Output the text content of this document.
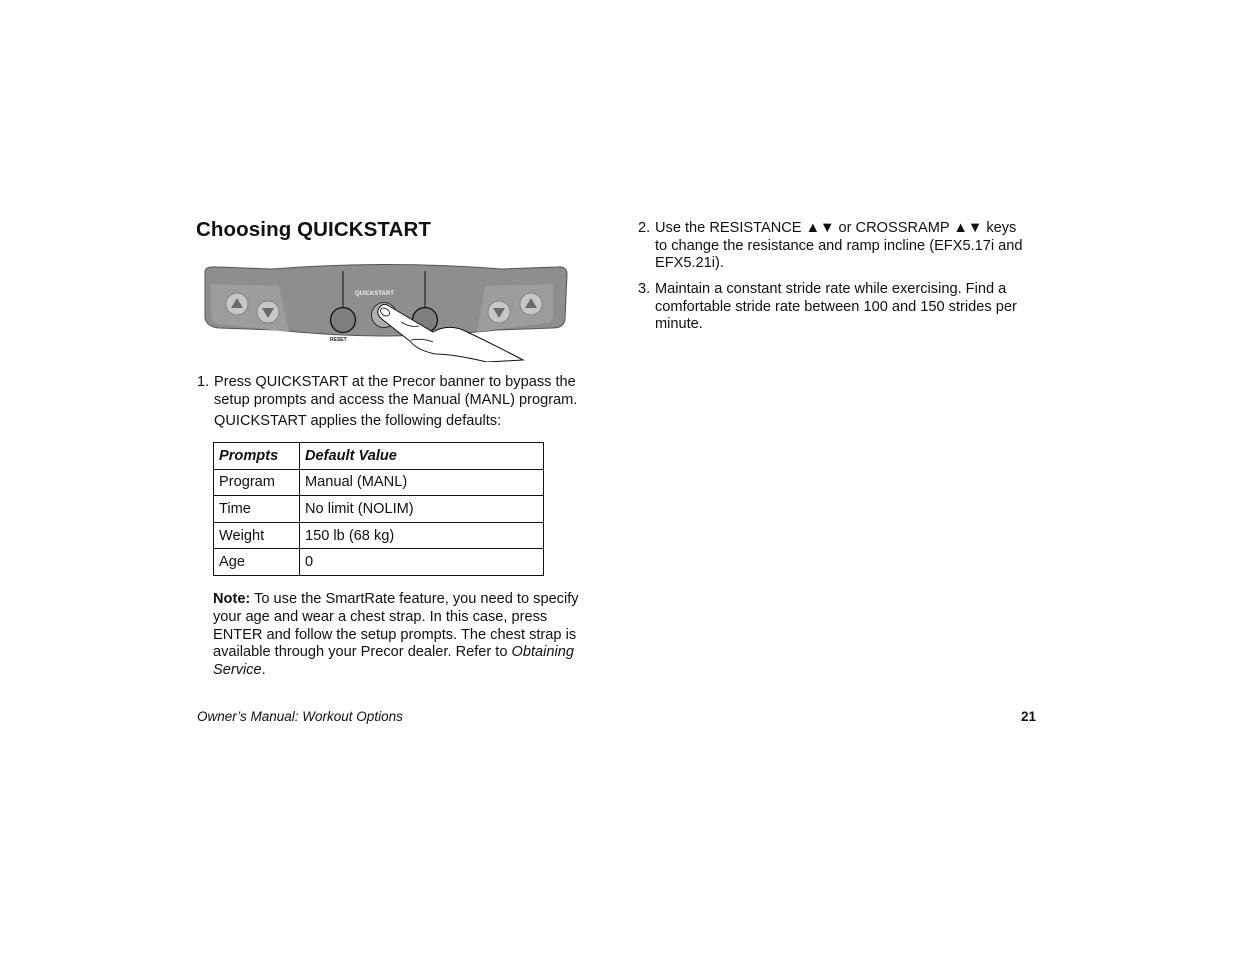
Choosing QUICKSTART
QUICKSTART
RESET
1. Press QUICKSTART at the Precor banner to bypass the
setup prompts and access the Manual (MANL) program.
QUICKSTART applies the following defaults:
Prompts	Default Value
Program	Manual (MANL)
Time	No limit (NOLIM)
Weight	150 lb (68 kg)
Age	0
Note: To use the SmartRate feature, you need to specify
your age and wear a chest strap. In this case, press
ENTER and follow the setup prompts. The chest strap is
available through your Precor dealer. Refer to Obtaining
Service.
2. Use the RESISTANCE ▲▼ or CROSSRAMP ▲▼ keys
to change the resistance and ramp incline (EFX5.17i and
EFX5.21i).
3. Maintain a constant stride rate while exercising. Find a
comfortable stride rate between 100 and 150 strides per
minute.
Owner’s Manual: Workout Options	21
